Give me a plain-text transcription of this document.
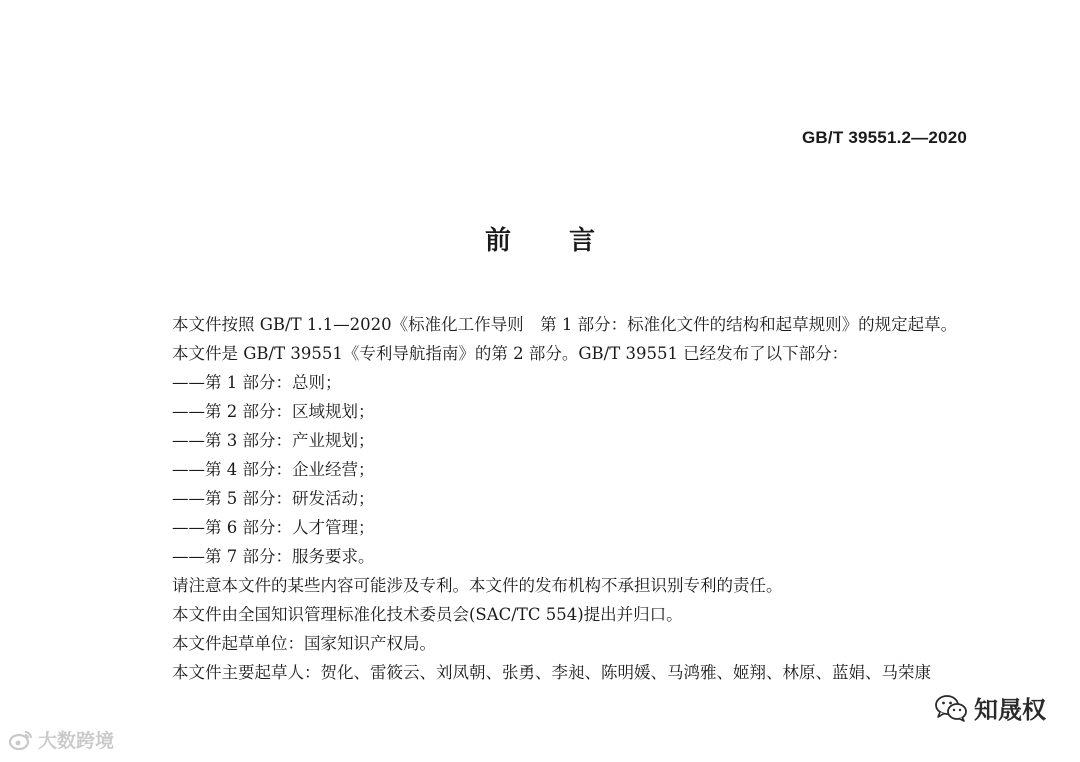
GB/T 39551.2—2020
前言

本文件按照 GB/T 1.1—2020《标准化工作导则　第 1 部分：标准化文件的结构和起草规则》的规定起草。

本文件是 GB/T 39551《专利导航指南》的第 2 部分。GB/T 39551 已经发布了以下部分：

——第 1 部分：总则；

——第 2 部分：区域规划；

——第 3 部分：产业规划；

——第 4 部分：企业经营；

——第 5 部分：研发活动；

——第 6 部分：人才管理；

——第 7 部分：服务要求。

请注意本文件的某些内容可能涉及专利。本文件的发布机构不承担识别专利的责任。

本文件由全国知识管理标准化技术委员会(SAC/TC 554)提出并归口。

本文件起草单位：国家知识产权局。

本文件主要起草人：贺化、雷筱云、刘凤朝、张勇、李昶、陈明媛、马鸿雅、姬翔、林原、蓝娟、马荣康

大数跨境
知晟权
